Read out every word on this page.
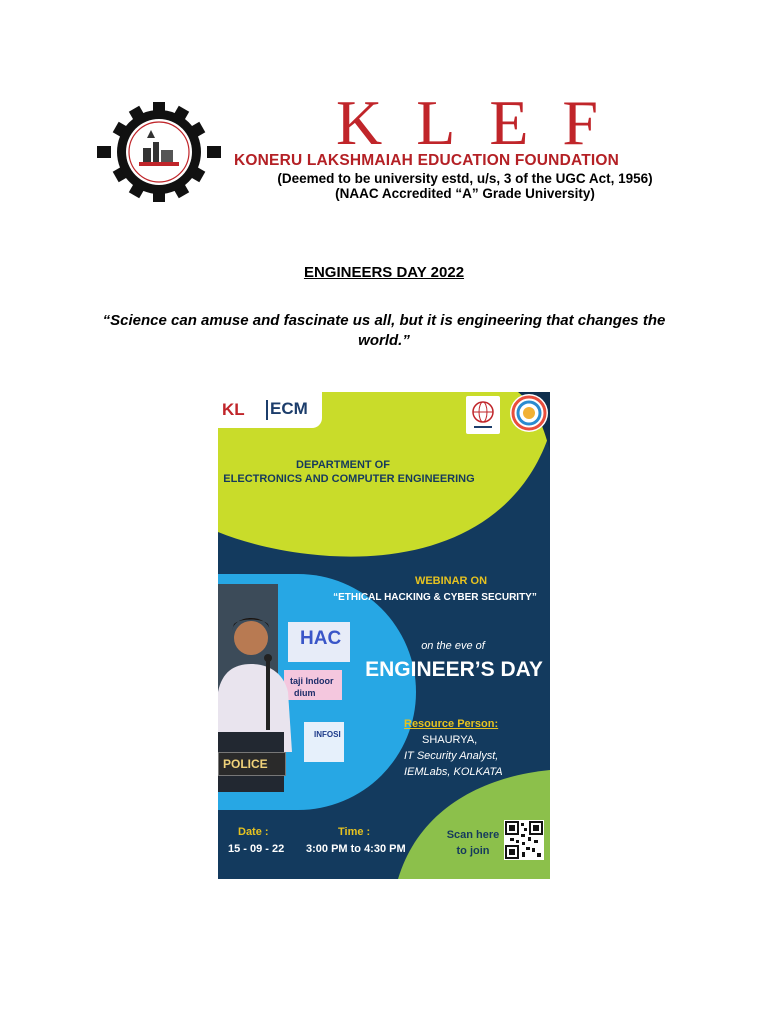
KLEF
KONERU LAKSHMAIAH EDUCATION FOUNDATION
(Deemed to be university estd, u/s, 3 of the UGC Act, 1956)
(NAAC Accredited “A” Grade University)
ENGINEERS DAY 2022
“Science can amuse and fascinate us all, but it is engineering that changes the world.”
KL ECM
DEPARTMENT OF
ELECTRONICS AND COMPUTER ENGINEERING
HAC
taji Indoor
dium
INFOSI
POLICE
WEBINAR ON
“ETHICAL HACKING & CYBER SECURITY”
on the eve of
ENGINEER’S DAY
Resource Person:
SHAURYA,
IT Security Analyst,
IEMLabs, KOLKATA
Date :
15 - 09 - 22
Time :
3:00 PM to 4:30 PM
Scan here to join
